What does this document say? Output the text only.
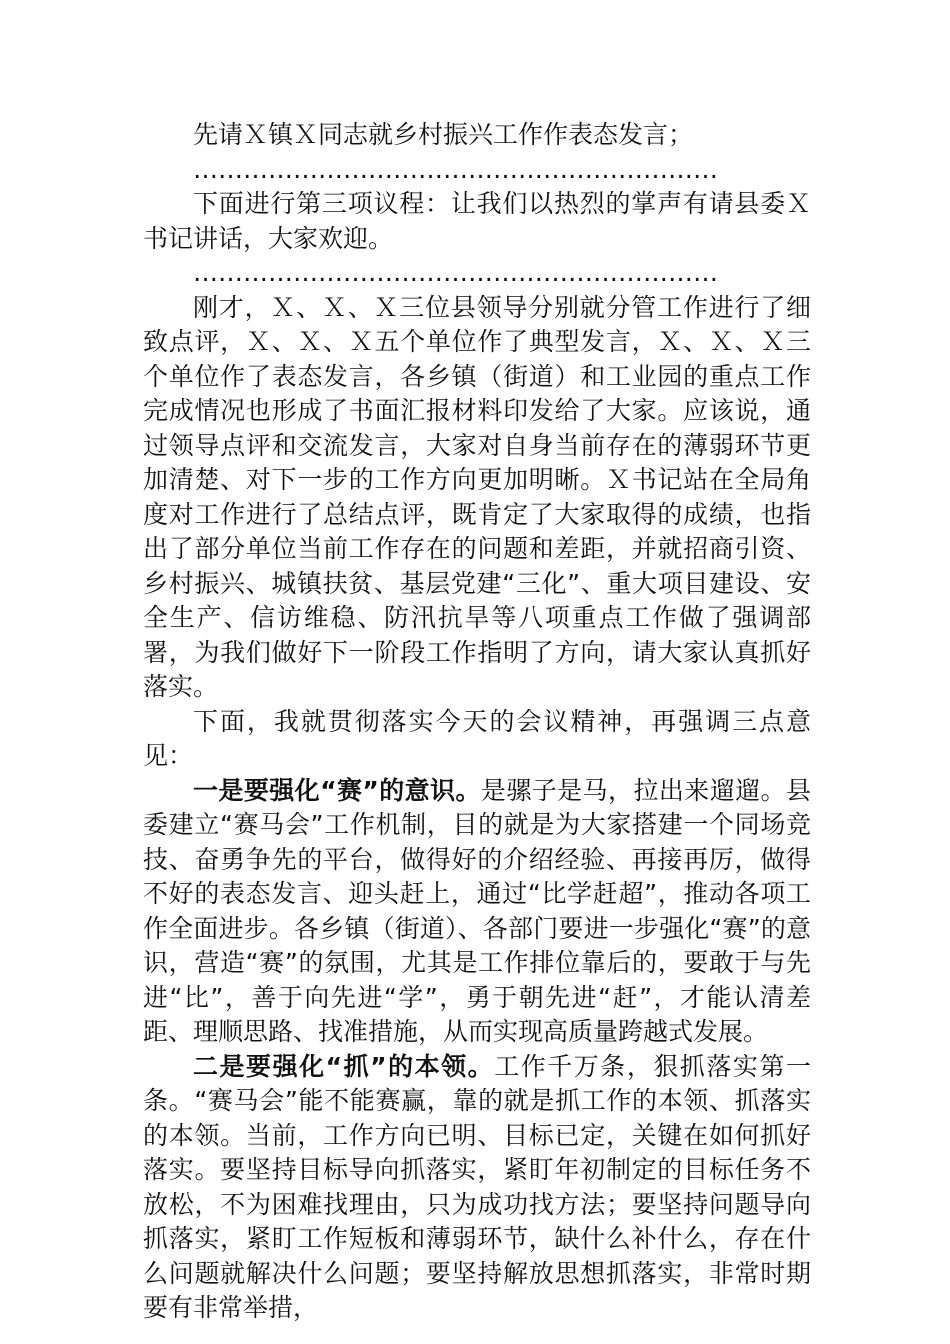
先请Ｘ镇Ｘ同志就乡村振兴工作作表态发言；

………………………………………………………

下面进行第三项议程：让我们以热烈的掌声有请县委Ｘ书记讲话，大家欢迎。

………………………………………………………

刚才，Ｘ、Ｘ、Ｘ三位县领导分别就分管工作进行了细致点评，Ｘ、Ｘ、Ｘ五个单位作了典型发言，Ｘ、Ｘ、Ｘ三个单位作了表态发言，各乡镇（街道）和工业园的重点工作完成情况也形成了书面汇报材料印发给了大家。应该说，通过领导点评和交流发言，大家对自身当前存在的薄弱环节更加清楚、对下一步的工作方向更加明晰。Ｘ书记站在全局角度对工作进行了总结点评，既肯定了大家取得的成绩，也指出了部分单位当前工作存在的问题和差距，并就招商引资、乡村振兴、城镇扶贫、基层党建“三化”、重大项目建设、安全生产、信访维稳、防汛抗旱等八项重点工作做了强调部署，为我们做好下一阶段工作指明了方向，请大家认真抓好落实。

下面，我就贯彻落实今天的会议精神，再强调三点意见：

一是要强化“赛”的意识。是骡子是马，拉出来遛遛。县委建立“赛马会”工作机制，目的就是为大家搭建一个同场竞技、奋勇争先的平台，做得好的介绍经验、再接再厉，做得不好的表态发言、迎头赶上，通过“比学赶超”，推动各项工作全面进步。各乡镇（街道）、各部门要进一步强化“赛”的意识，营造“赛”的氛围，尤其是工作排位靠后的，要敢于与先进“比”，善于向先进“学”，勇于朝先进“赶”，才能认清差距、理顺思路、找准措施，从而实现高质量跨越式发展。

二是要强化“抓”的本领。工作千万条，狠抓落实第一条。“赛马会”能不能赛赢，靠的就是抓工作的本领、抓落实的本领。当前，工作方向已明、目标已定，关键在如何抓好落实。要坚持目标导向抓落实，紧盯年初制定的目标任务不放松，不为困难找理由，只为成功找方法；要坚持问题导向抓落实，紧盯工作短板和薄弱环节，缺什么补什么，存在什么问题就解决什么问题；要坚持解放思想抓落实，非常时期要有非常举措，
